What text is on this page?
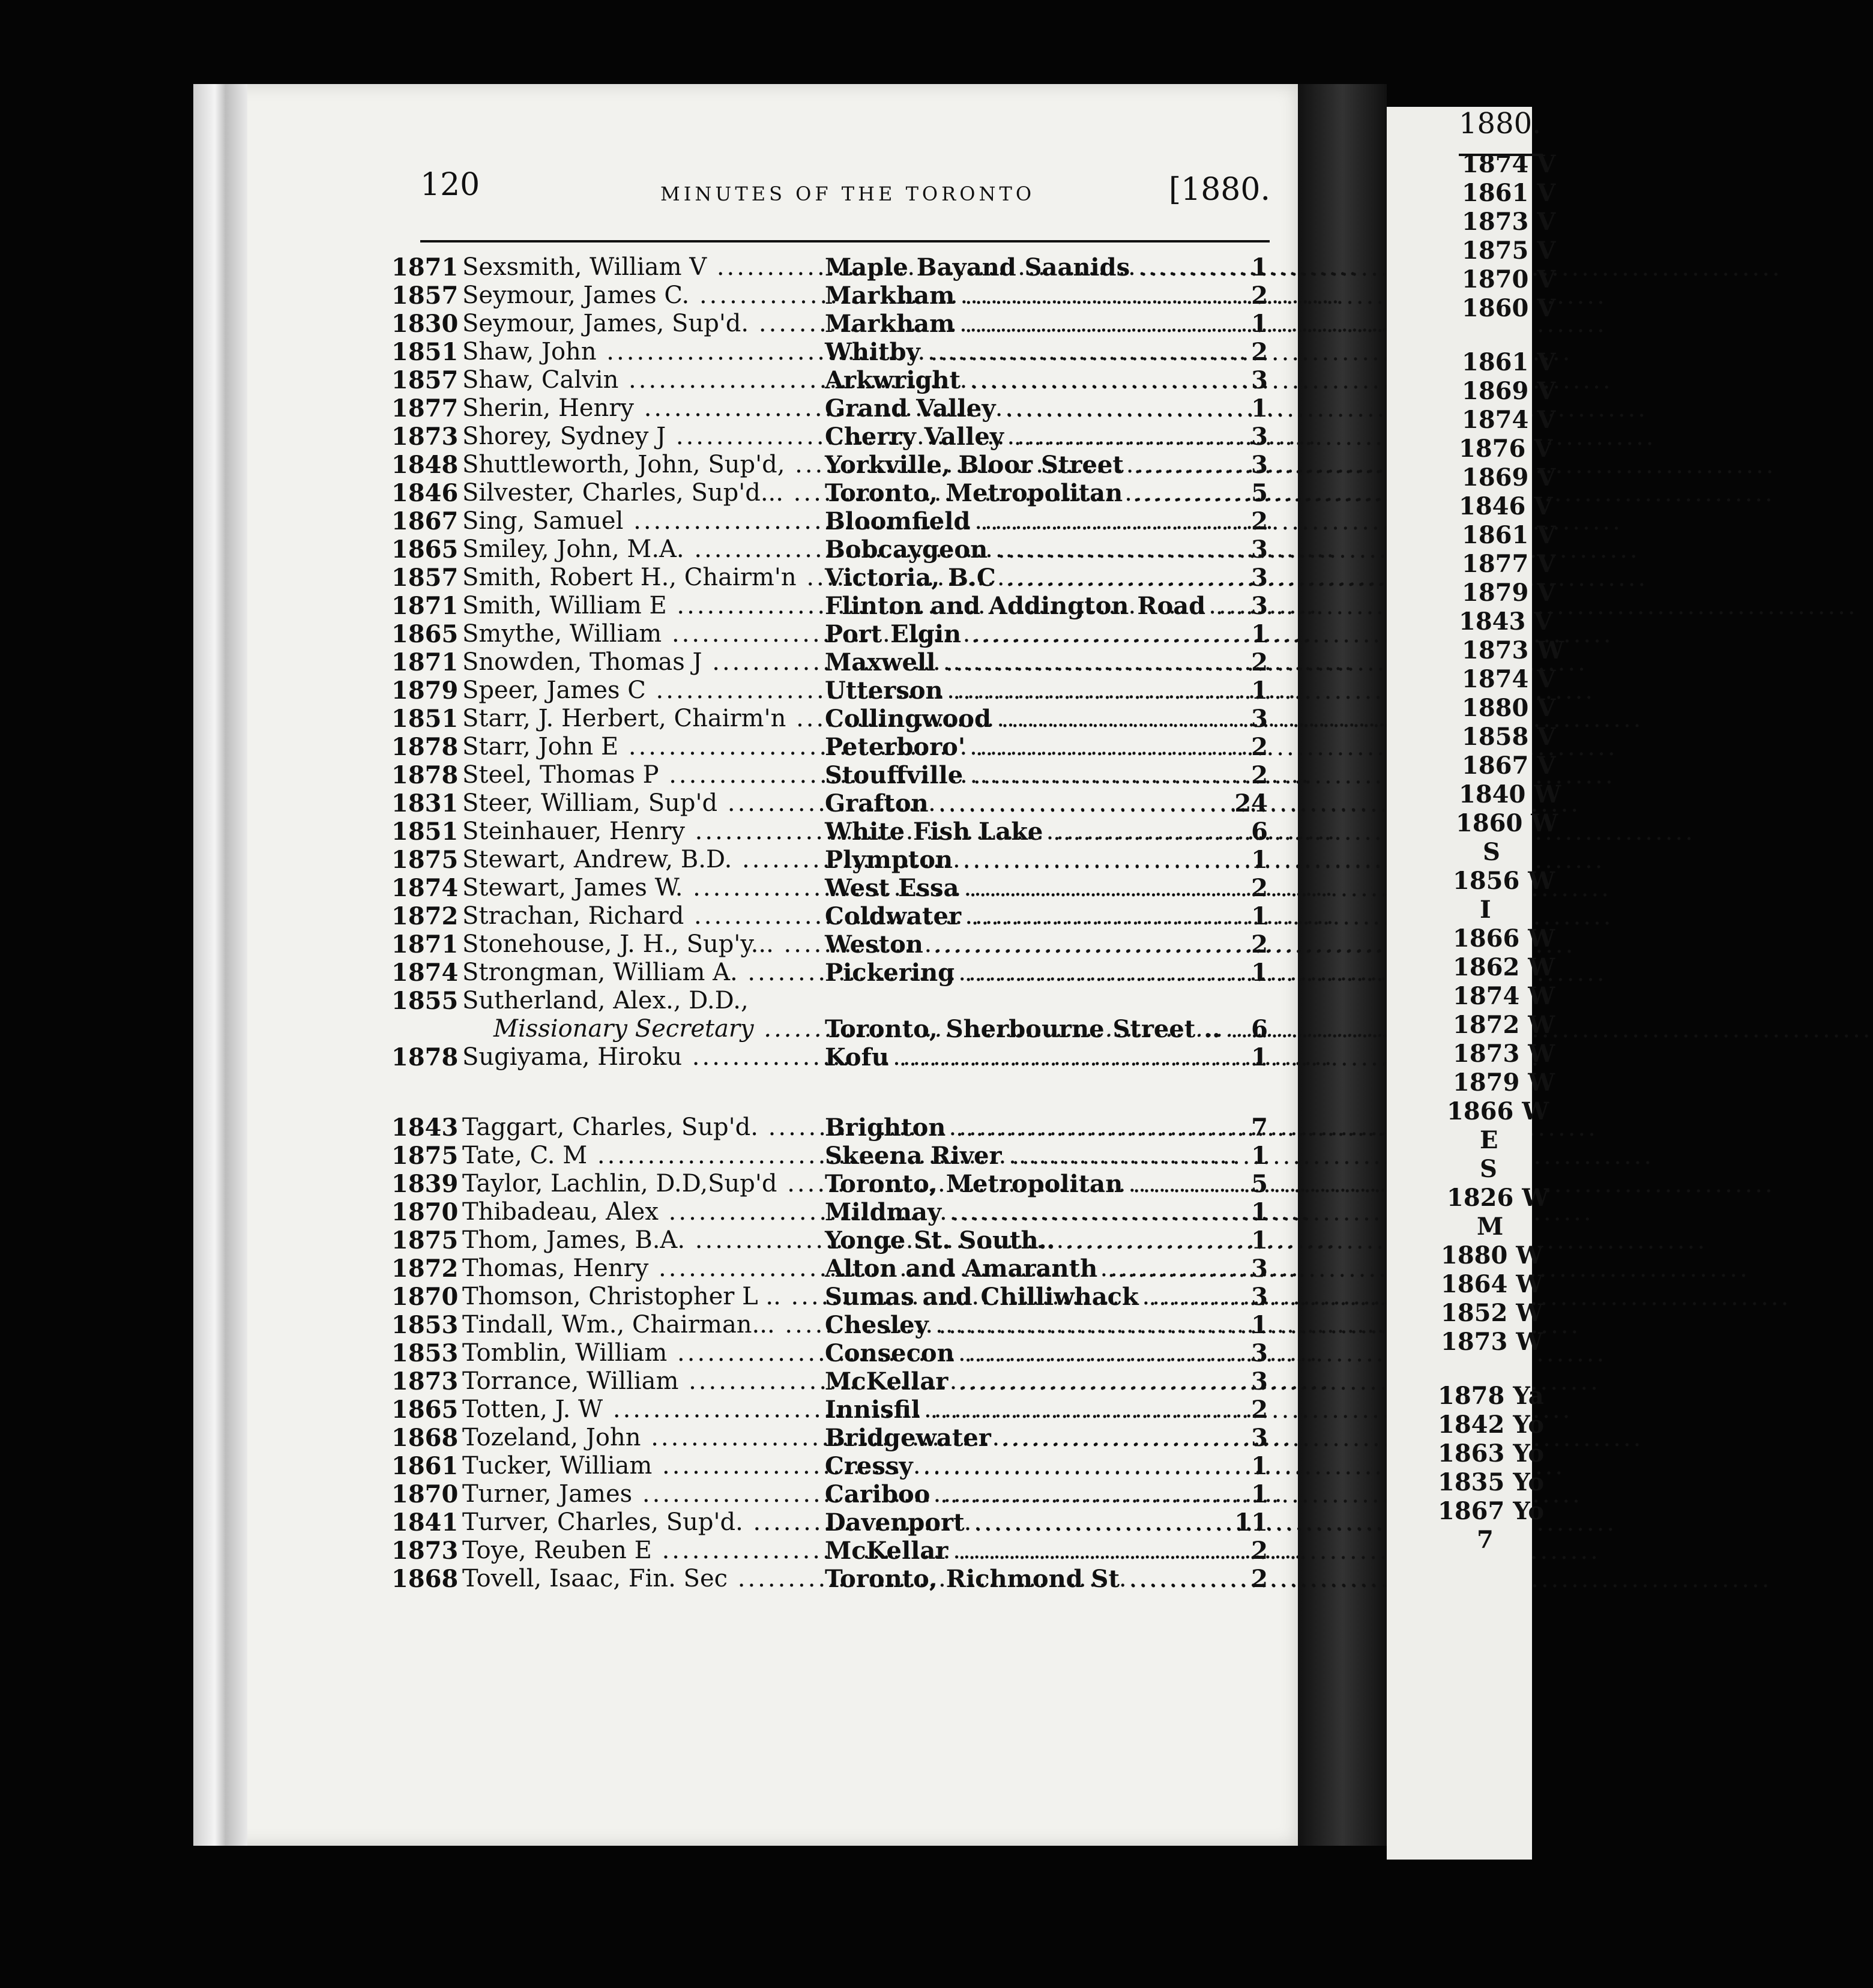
120	MINUTES OF THE TORONTO	[1880.
1871 Sexsmith, William V .....	Maple Bayand Saanids .....	1
1857 Seymour, James C. .....	Markham .....	2
1830 Seymour, James, Sup'd. .....	Markham .....	1
1851 Shaw, John .....	Whitby .....	2
1857 Shaw, Calvin .....	Arkwright .....	3
1877 Sherin, Henry .....	Grand Valley .....	1
1873 Shorey, Sydney J .....	Cherry Valley .....	3
1848 Shuttleworth, John, Sup'd, .....	Yorkville, Bloor Street .....	3
1846 Silvester, Charles, Sup'd... .....	Toronto, Metropolitan .....	5
1867 Sing, Samuel .....	Bloomfield .....	2
1865 Smiley, John, M.A. .....	Bobcaygeon .....	3
1857 Smith, Robert H., Chairm'n .....	Victoria, B.C .....	3
1871 Smith, William E .....	Flinton and Addington Road .....	3
1865 Smythe, William .....	Port Elgin .....	1
1871 Snowden, Thomas J .....	Maxwell .....	2
1879 Speer, James C .....	Utterson .....	1
1851 Starr, J. Herbert, Chairm'n .....	Collingwood .....	3
1878 Starr, John E .....	Peterboro' .....	2
1878 Steel, Thomas P .....	Stouffville .....	2
1831 Steer, William, Sup'd .....	Grafton .....	24
1851 Steinhauer, Henry .....	White Fish Lake .....	6
1875 Stewart, Andrew, B.D. .....	Plympton .....	1
1874 Stewart, James W. .....	West Essa .....	2
1872 Strachan, Richard .....	Coldwater .....	1
1871 Stonehouse, J. H., Sup'y... .....	Weston .....	2
1874 Strongman, William A. .....	Pickering .....	1
1855 Sutherland, Alex., D.D.,
Missionary Secretary .....	Toronto, Sherbourne Street .. .....	6
1878 Sugiyama, Hiroku .....	Kofu .....	1
1843 Taggart, Charles, Sup'd. .....	Brighton .....	7
1875 Tate, C. M .....	Skeena River .....	1
1839 Taylor, Lachlin, D.D,Sup'd .....	Toronto, Metropolitan .....	5
1870 Thibadeau, Alex .....	Mildmay .....	1
1875 Thom, James, B.A. .....	Yonge St. South.. .....	1
1872 Thomas, Henry .....	Alton and Amaranth .....	3
1870 Thomson, Christopher L .. .....	Sumas and Chilliwhack .....	3
1853 Tindall, Wm., Chairman... .....	Chesley .....	1
1853 Tomblin, William .....	Consecon .....	3
1873 Torrance, William .....	McKellar .....	3
1865 Totten, J. W .....	Innisfil .....	2
1868 Tozeland, John .....	Bridgewater .....	3
1861 Tucker, William .....	Cressy .....	1
1870 Turner, James .....	Cariboo .....	1
1841 Turver, Charles, Sup'd. .....	Davenport .....	11
1873 Toye, Reuben E .....	McKellar .....	2
1868 Tovell, Isaac, Fin. Sec .....	Toronto, Richmond St .....	2
1880.
1874 V
1861 V
1873 V
1875 V
1870 V
1860 V
1861 V
1869 V
1874 V
1876 V
1869 V
1846 V
1861 V
1877 V
1879 V
1843 V
1873 W
1874 V
1880 V
1858 V
1867 V
1840 W
1860 W
S
1856 W
I
1866 W
1862 W
1874 W
1872 W
1873 W
1879 W
1866 W
E
S
1826 W
M
1880 W
1864 W
1852 W
1873 W
1878 Ya
1842 Yo
1863 Yo
1835 Yo
1867 Yo
7
